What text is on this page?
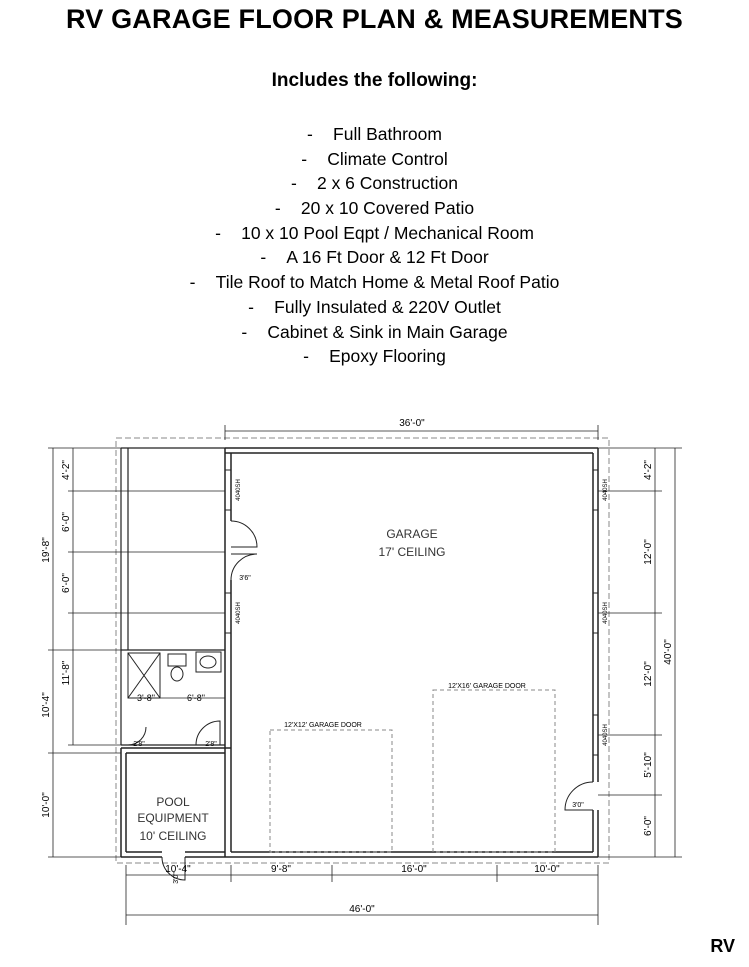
RV GARAGE FLOOR PLAN & MEASUREMENTS
Includes the following:
- Full Bathroom
- Climate Control
- 2 x 6 Construction
- 20 x 10 Covered Patio
- 10 x 10 Pool Eqpt / Mechanical Room
- A 16 Ft Door & 12 Ft Door
- Tile Roof to Match Home & Metal Roof Patio
- Fully Insulated & 220V Outlet
- Cabinet & Sink in Main Garage
- Epoxy Flooring
12'X16' GARAGE DOOR
12'X12' GARAGE DOOR
GARAGE
17' CEILING
POOL
EQUIPMENT
10' CEILING
4040SH
4040SH
4040SH
4040SH
4040SH
3'6"
2'8"	2'8"
3'0"
3'0"
3'-8"	6'-8"
36'-0"
10'-4"	9'-8"	16'-0"	10'-0"
46'-0"
4'-2"
6'-0"
6'-0"
19'-8"
11'-8"
10'-4"
10'-0"
4'-2"
12'-0"
12'-0"
5'-10"
6'-0"
40'-0"
RV
